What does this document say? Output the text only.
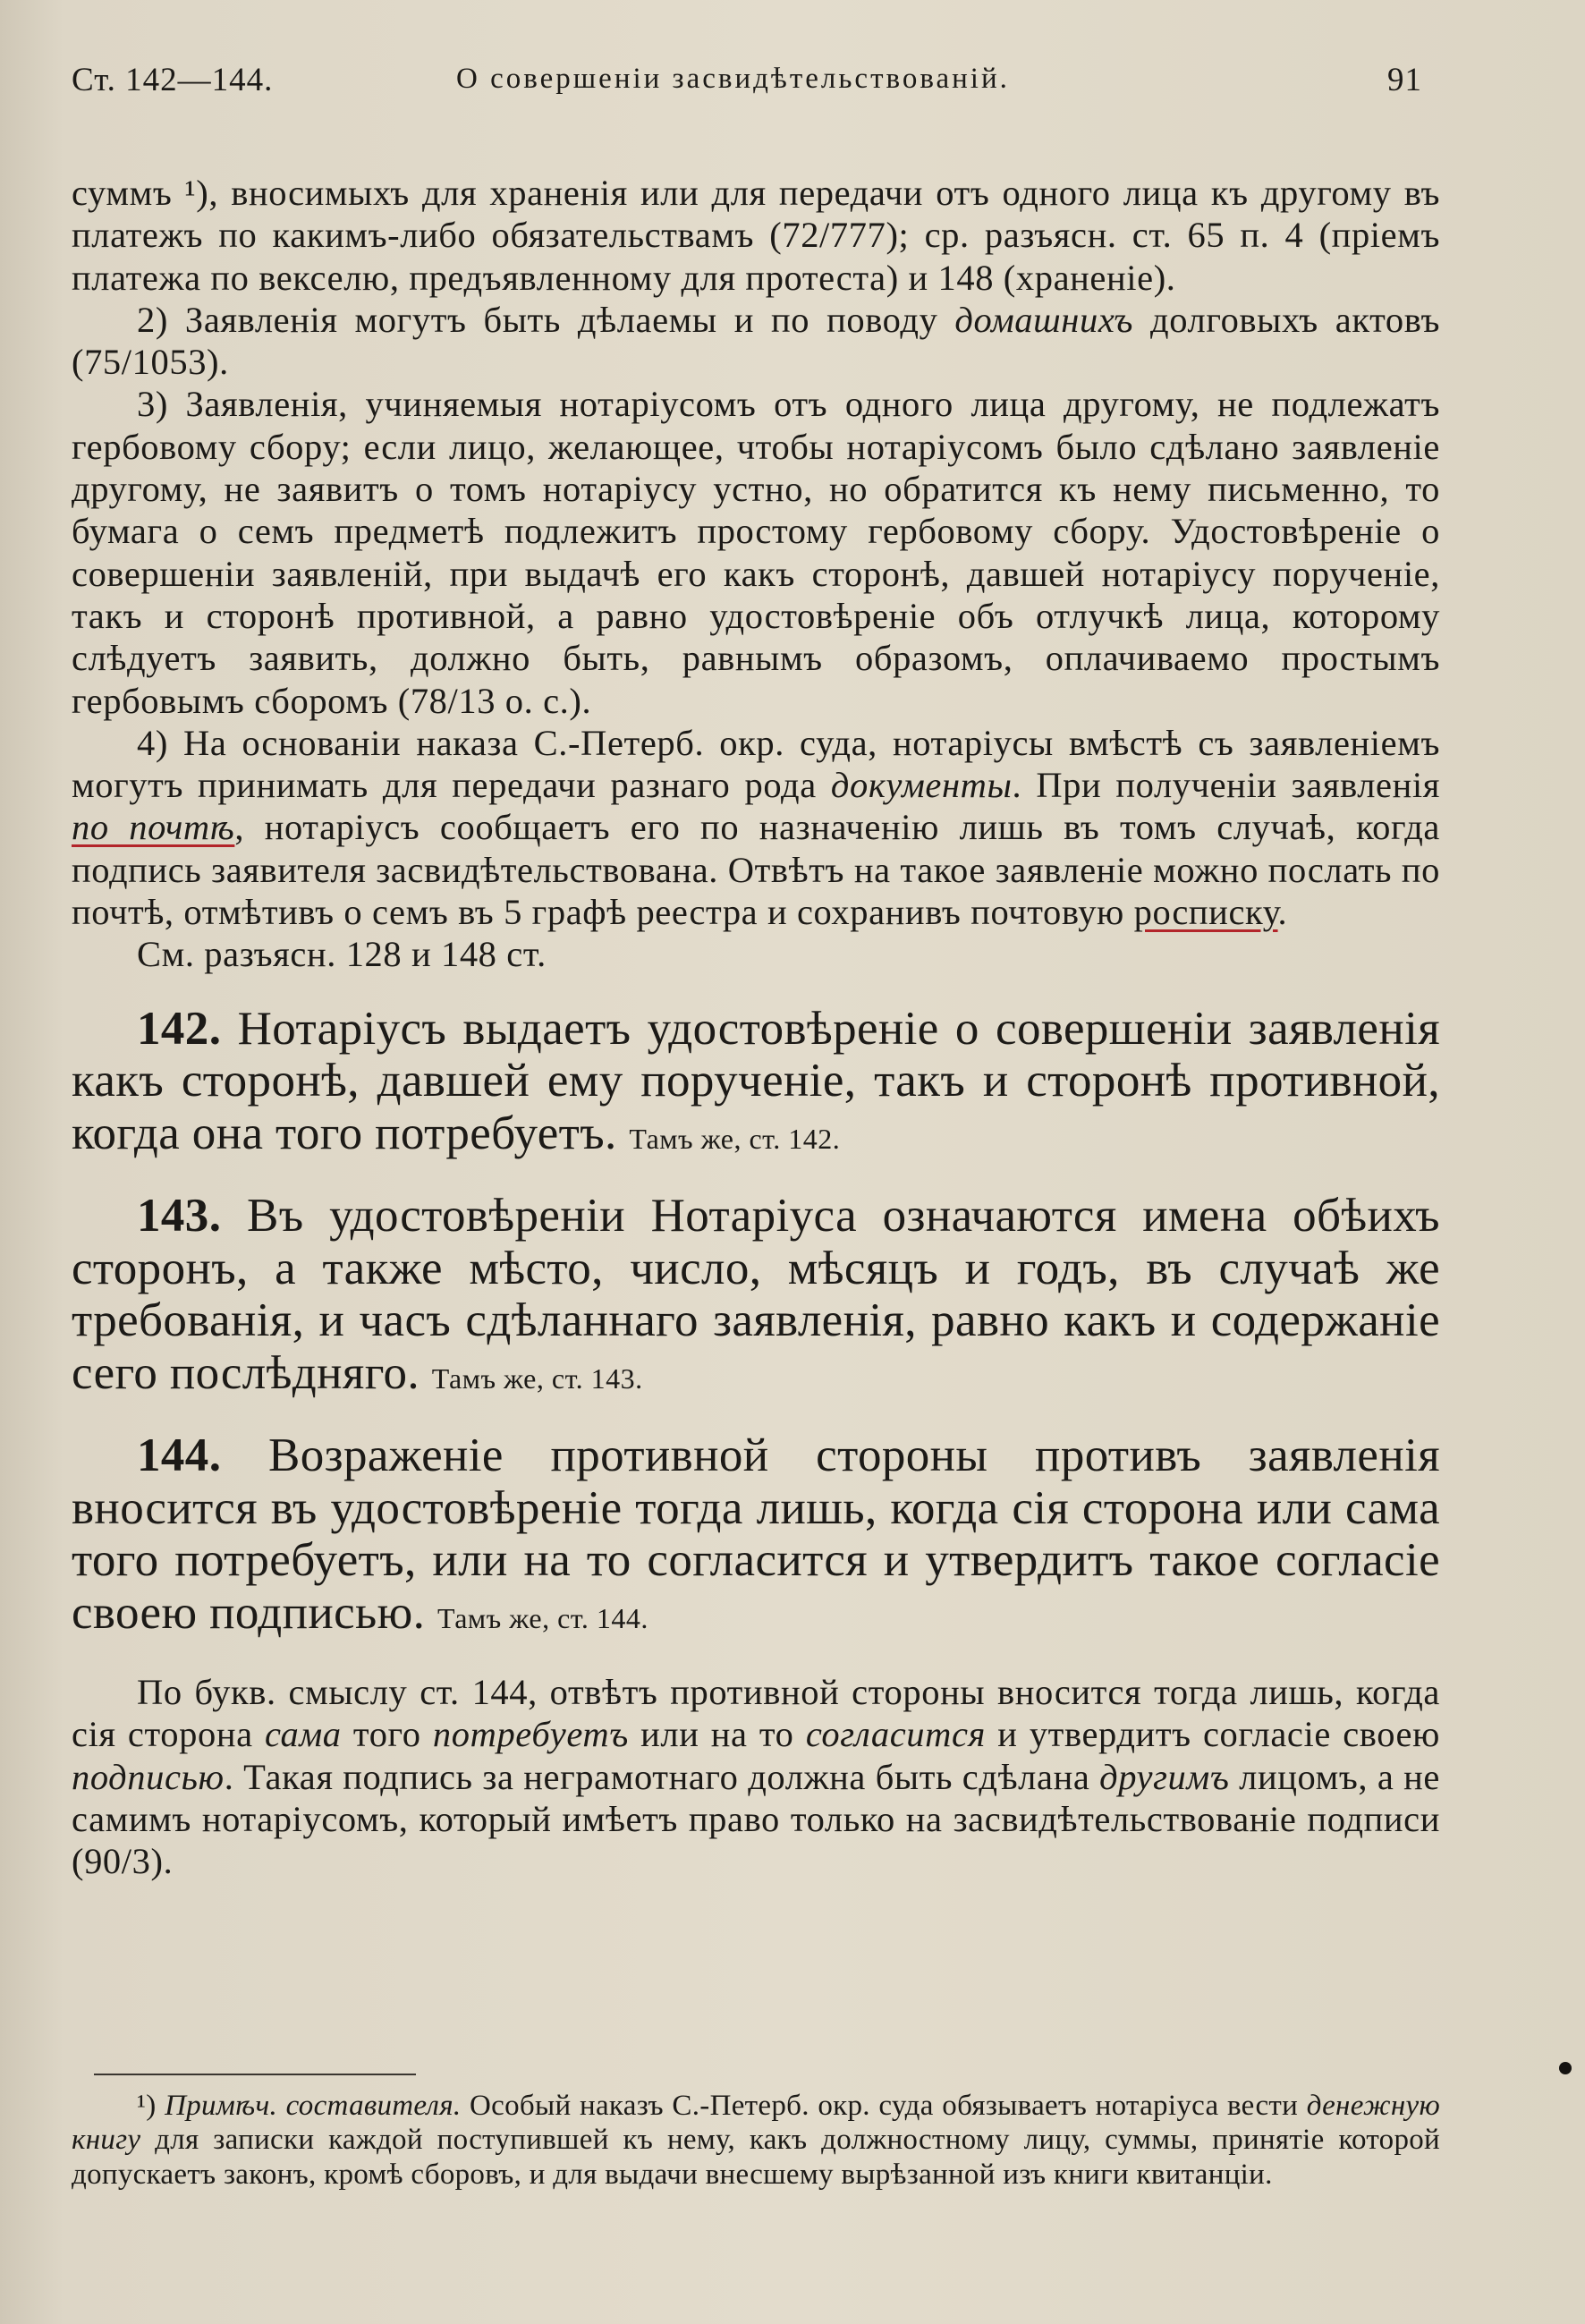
Ст. 142—144.	О совершенiи засвидѣтельствованiй.	91

суммъ ¹), вносимыхъ для храненія или для передачи отъ одного лица къ другому въ платежъ по какимъ-либо обязательствамъ (72/777); ср. разъясн. ст. 65 п. 4 (пріемъ платежа по векселю, предъявленному для протеста) и 148 (храненіе).

2) Заявленія могутъ быть дѣлаемы и по поводу домашнихъ долговыхъ актовъ (75/1053).

3) Заявленія, учиняемыя нотаріусомъ отъ одного лица другому, не подлежатъ гербовому сбору; если лицо, желающее, чтобы нотаріусомъ было сдѣлано заявленіе другому, не заявитъ о томъ нотаріусу устно, но обратится къ нему письменно, то бумага о семъ предметѣ подлежитъ простому гербовому сбору. Удостовѣреніе о совершеніи заявленій, при выдачѣ его какъ сторонѣ, давшей нотаріусу порученіе, такъ и сторонѣ противной, а равно удостовѣреніе объ отлучкѣ лица, которому слѣдуетъ заявить, должно быть, равнымъ образомъ, оплачиваемо простымъ гербовымъ сборомъ (78/13 о. с.).

4) На основаніи наказа С.-Петерб. окр. суда, нотаріусы вмѣстѣ съ заявленіемъ могутъ принимать для передачи разнаго рода документы. При полученіи заявленія по почтѣ, нотаріусъ сообщаетъ его по назначенію лишь въ томъ случаѣ, когда подпись заявителя засвидѣтельствована. Отвѣтъ на такое заявленіе можно послать по почтѣ, отмѣтивъ о семъ въ 5 графѣ реестра и сохранивъ почтовую росписку.

См. разъясн. 128 и 148 ст.

142. Нотаріусъ выдаетъ удостовѣреніе о совершеніи заявленія какъ сторонѣ, давшей ему порученіе, такъ и сторонѣ противной, когда она того потребуетъ. Тамъ же, ст. 142.

143. Въ удостовѣреніи Нотаріуса означаются имена обѣихъ сторонъ, а также мѣсто, число, мѣсяцъ и годъ, въ случаѣ же требованія, и часъ сдѣланнаго заявленія, равно какъ и содержаніе сего послѣдняго. Тамъ же, ст. 143.

144. Возраженіе противной стороны противъ заявленія вносится въ удостовѣреніе тогда лишь, когда сія сторона или сама того потребуетъ, или на то согласится и утвердитъ такое согласіе своею подписью. Тамъ же, ст. 144.

По букв. смыслу ст. 144, отвѣтъ противной стороны вносится тогда лишь, когда сія сторона сама того потребуетъ или на то согласится и утвердитъ согласіе своею подписью. Такая подпись за неграмотнаго должна быть сдѣлана другимъ лицомъ, а не самимъ нотаріусомъ, который имѣетъ право только на засвидѣтельствованіе подписи (90/3).

¹) Примѣч. составителя. Особый наказъ С.-Петерб. окр. суда обязываетъ нотаріуса вести денежную книгу для записки каждой поступившей къ нему, какъ должностному лицу, суммы, принятіе которой допускаетъ законъ, кромѣ сборовъ, и для выдачи внесшему вырѣзанной изъ книги квитанціи.
